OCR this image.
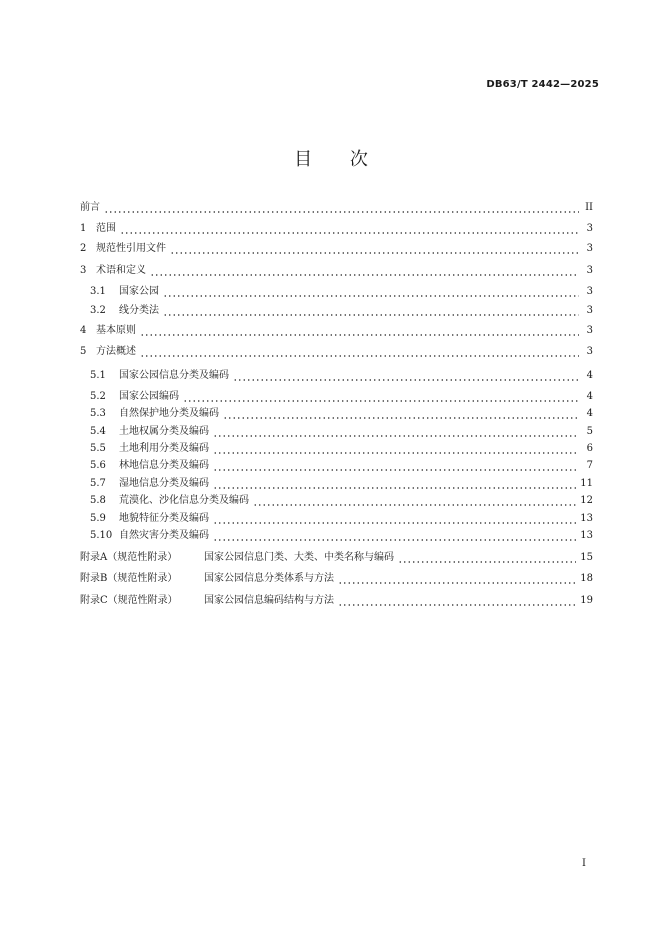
DB63/T 2442—2025
目 次
前言	II
1 范围	3
2 规范性引用文件	3
3 术语和定义	3
3.1	国家公园	3
3.2	线分类法	3
4 基本原则	3
5 方法概述	3
5.1	国家公园信息分类及编码	4
5.2	国家公园编码	4
5.3	自然保护地分类及编码	4
5.4	土地权属分类及编码	5
5.5	土地利用分类及编码	6
5.6	林地信息分类及编码	7
5.7	湿地信息分类及编码	11
5.8	荒漠化、沙化信息分类及编码	12
5.9	地貌特征分类及编码	13
5.10 自然灾害分类及编码	13
附录A（规范性附录）	国家公园信息门类、大类、中类名称与编码	15
附录B（规范性附录）	国家公园信息分类体系与方法	18
附录C（规范性附录）	国家公园信息编码结构与方法	19
I
